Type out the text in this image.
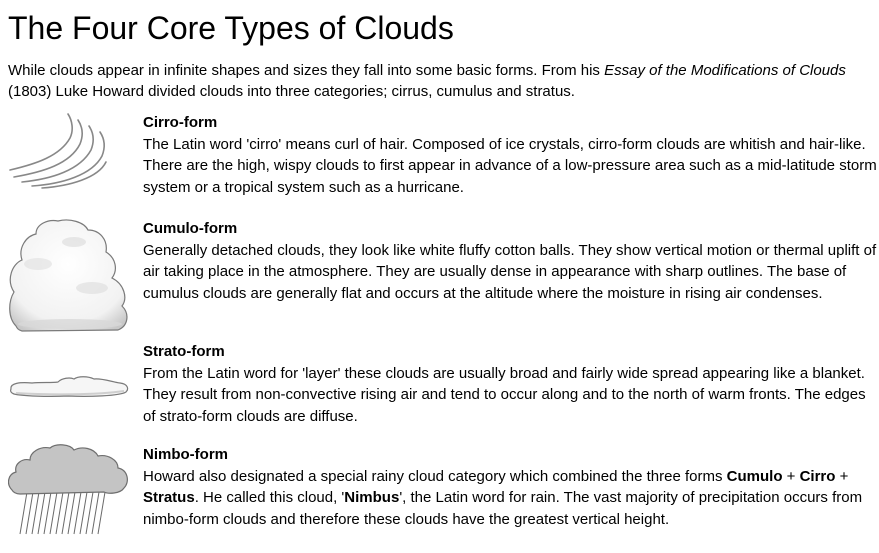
The Four Core Types of Clouds

While clouds appear in infinite shapes and sizes they fall into some basic forms. From his Essay of the Modifications of Clouds (1803) Luke Howard divided clouds into three categories; cirrus, cumulus and stratus.

Cirro-form

The Latin word 'cirro' means curl of hair. Composed of ice crystals, cirro-form clouds are whitish and hair-like. There are the high, wispy clouds to first appear in advance of a low-pressure area such as a mid-latitude storm system or a tropical system such as a hurricane.

Cumulo-form

Generally detached clouds, they look like white fluffy cotton balls. They show vertical motion or thermal uplift of air taking place in the atmosphere. They are usually dense in appearance with sharp outlines. The base of cumulus clouds are generally flat and occurs at the altitude where the moisture in rising air condenses.

Strato-form

From the Latin word for 'layer' these clouds are usually broad and fairly wide spread appearing like a blanket. They result from non-convective rising air and tend to occur along and to the north of warm fronts. The edges of strato-form clouds are diffuse.

Nimbo-form

Howard also designated a special rainy cloud category which combined the three forms Cumulo + Cirro + Stratus. He called this cloud, 'Nimbus', the Latin word for rain. The vast majority of precipitation occurs from nimbo-form clouds and therefore these clouds have the greatest vertical height.
